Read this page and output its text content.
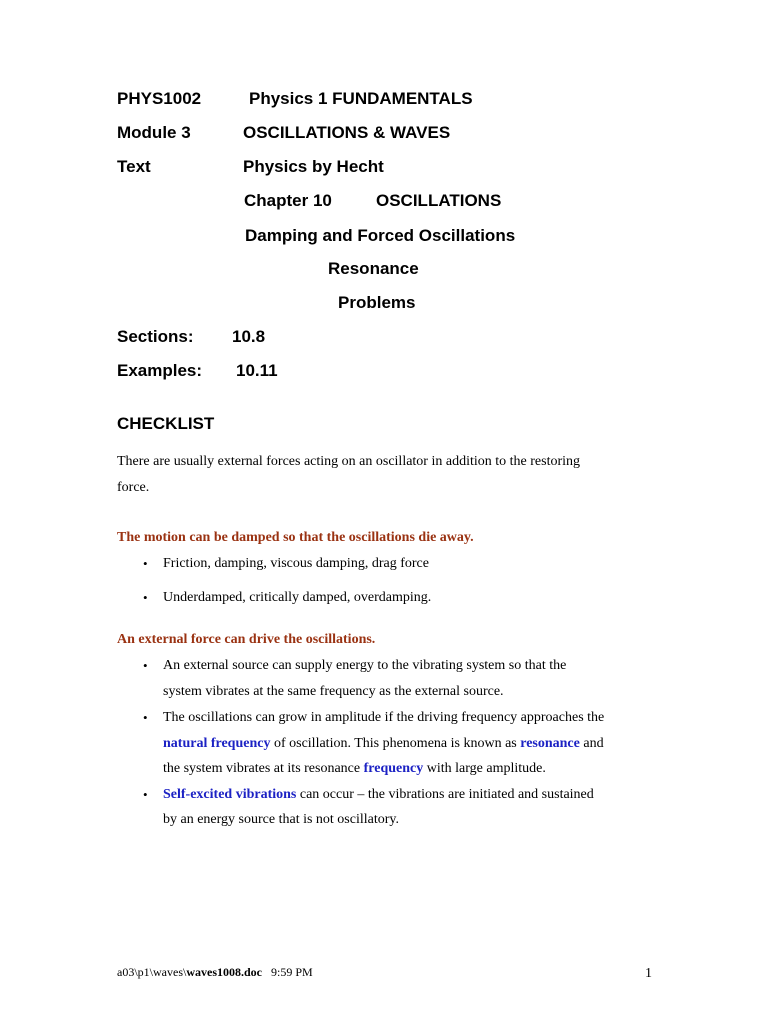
PHYS1002	Physics 1 FUNDAMENTALS
Module 3	OSCILLATIONS & WAVES
Text	Physics by Hecht
Chapter 10	OSCILLATIONS
Damping and Forced Oscillations
Resonance
Problems
Sections: 10.8
Examples: 10.11
CHECKLIST
There are usually external forces acting on an oscillator in addition to the restoring
force.
The motion can be damped so that the oscillations die away.
• Friction, damping, viscous damping, drag force
• Underdamped, critically damped, overdamping.
An external force can drive the oscillations.
• An external source can supply energy to the vibrating system so that the
system vibrates at the same frequency as the external source.
• The oscillations can grow in amplitude if the driving frequency approaches the
natural frequency of oscillation. This phenomena is known as resonance and
the system vibrates at its resonance frequency with large amplitude.
• Self-excited vibrations can occur – the vibrations are initiated and sustained
by an energy source that is not oscillatory.
a03\p1\waves\waves1008.doc 9:59 PM	1
